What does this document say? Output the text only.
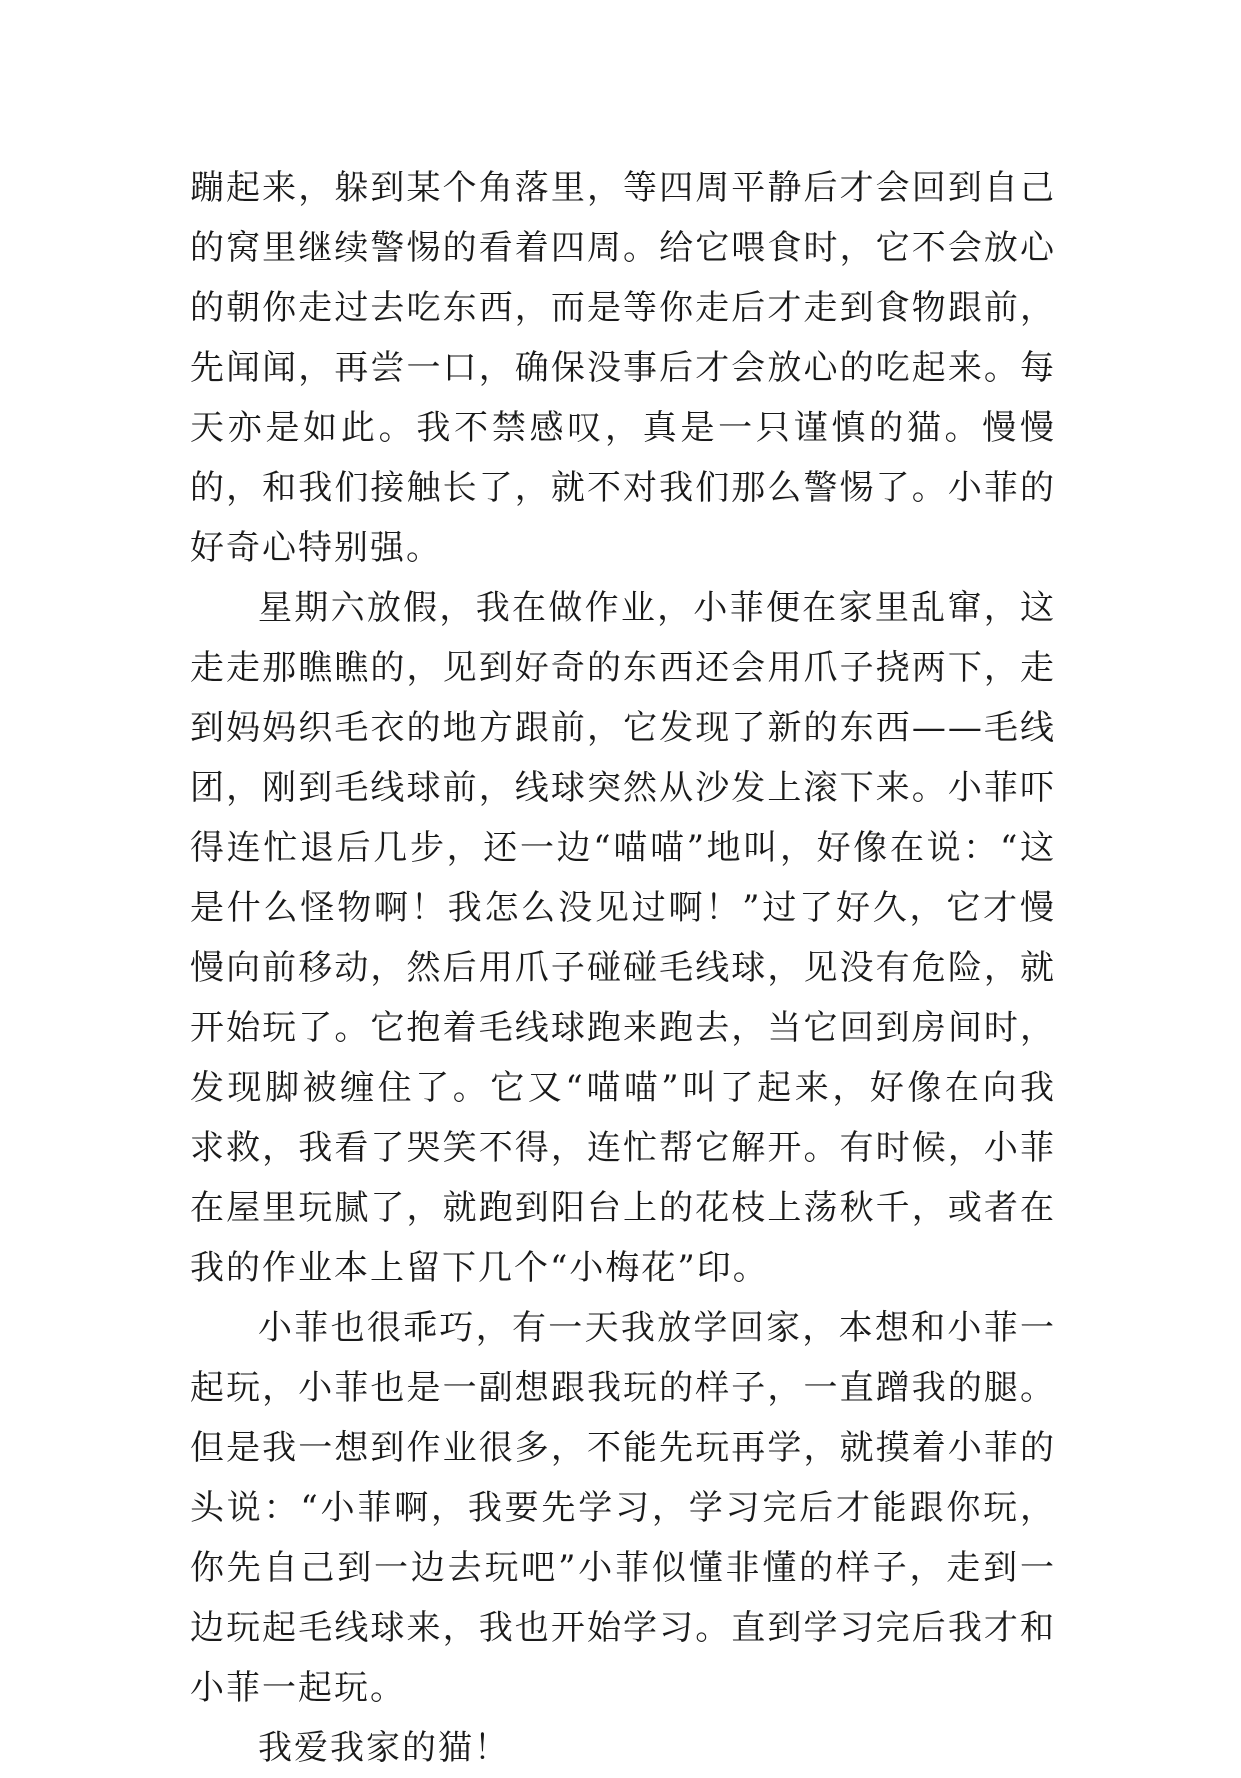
蹦起来，躲到某个角落里，等四周平静后才会回到自己的窝里继续警惕的看着四周。给它喂食时，它不会放心的朝你走过去吃东西，而是等你走后才走到食物跟前，先闻闻，再尝一口，确保没事后才会放心的吃起来。每天亦是如此。我不禁感叹，真是一只谨慎的猫。慢慢的，和我们接触长了，就不对我们那么警惕了。小菲的好奇心特别强。

星期六放假，我在做作业，小菲便在家里乱窜，这走走那瞧瞧的，见到好奇的东西还会用爪子挠两下，走到妈妈织毛衣的地方跟前，它发现了新的东西——毛线团，刚到毛线球前，线球突然从沙发上滚下来。小菲吓得连忙退后几步，还一边“喵喵”地叫，好像在说：“这是什么怪物啊！我怎么没见过啊！”过了好久，它才慢慢向前移动，然后用爪子碰碰毛线球，见没有危险，就开始玩了。它抱着毛线球跑来跑去，当它回到房间时，发现脚被缠住了。它又“喵喵”叫了起来，好像在向我求救，我看了哭笑不得，连忙帮它解开。有时候，小菲在屋里玩腻了，就跑到阳台上的花枝上荡秋千，或者在我的作业本上留下几个“小梅花”印。

小菲也很乖巧，有一天我放学回家，本想和小菲一起玩，小菲也是一副想跟我玩的样子，一直蹭我的腿。但是我一想到作业很多，不能先玩再学，就摸着小菲的头说：“小菲啊，我要先学习，学习完后才能跟你玩，你先自己到一边去玩吧”小菲似懂非懂的样子，走到一边玩起毛线球来，我也开始学习。直到学习完后我才和小菲一起玩。

我爱我家的猫！
